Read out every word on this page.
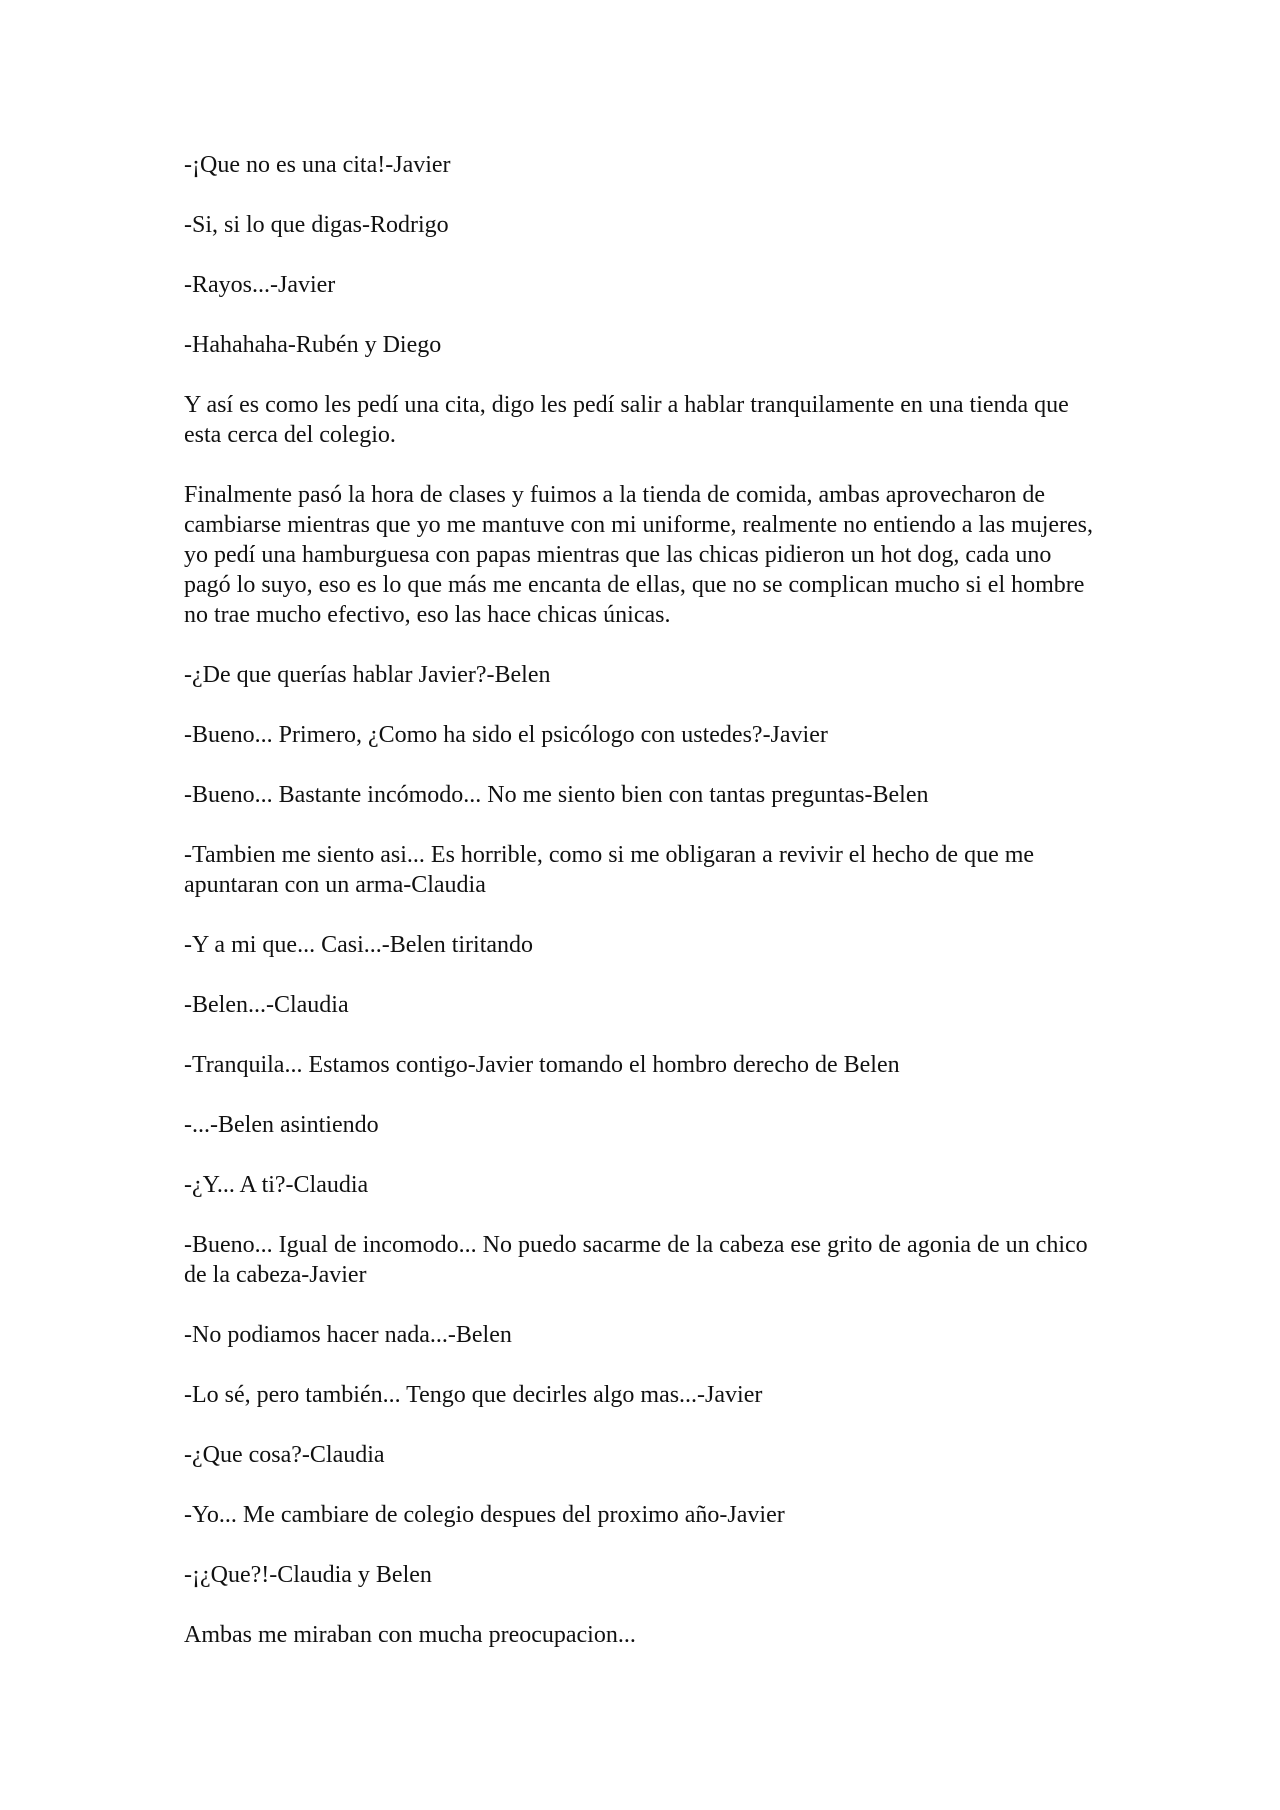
-¡Que no es una cita!-Javier

-Si, si lo que digas-Rodrigo

-Rayos...-Javier

-Hahahaha-Rubén y Diego

Y así es como les pedí una cita, digo les pedí salir a hablar tranquilamente en una tienda que esta cerca del colegio.

Finalmente pasó la hora de clases y fuimos a la tienda de comida, ambas aprovecharon de cambiarse mientras que yo me mantuve con mi uniforme, realmente no entiendo a las mujeres, yo pedí una hamburguesa con papas mientras que las chicas pidieron un hot dog, cada uno pagó lo suyo, eso es lo que más me encanta de ellas, que no se complican mucho si el hombre no trae mucho efectivo, eso las hace chicas únicas.

-¿De que querías hablar Javier?-Belen

-Bueno... Primero, ¿Como ha sido el psicólogo con ustedes?-Javier

-Bueno... Bastante incómodo... No me siento bien con tantas preguntas-Belen

-Tambien me siento asi... Es horrible, como si me obligaran a revivir el hecho de que me apuntaran con un arma-Claudia

-Y a mi que... Casi...-Belen tiritando

-Belen...-Claudia

-Tranquila... Estamos contigo-Javier tomando el hombro derecho de Belen

-...-Belen asintiendo

-¿Y... A ti?-Claudia

-Bueno... Igual de incomodo... No puedo sacarme de la cabeza ese grito de agonia de un chico de la cabeza-Javier

-No podiamos hacer nada...-Belen

-Lo sé, pero también... Tengo que decirles algo mas...-Javier

-¿Que cosa?-Claudia

-Yo... Me cambiare de colegio despues del proximo año-Javier

-¡¿Que?!-Claudia y Belen

Ambas me miraban con mucha preocupacion...
